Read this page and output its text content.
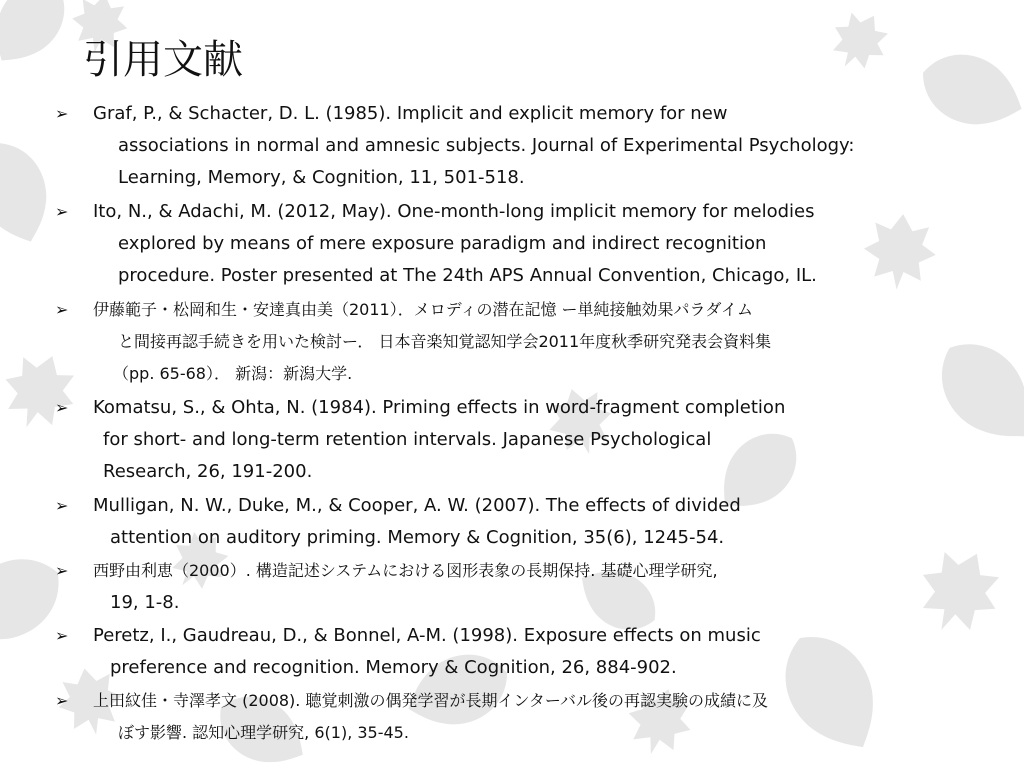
引用文献
➢ Graf, P., & Schacter, D. L. (1985). Implicit and explicit memory for new
associations in normal and amnesic subjects. Journal of Experimental Psychology:
Learning, Memory, & Cognition, 11, 501-518.
➢ Ito, N., & Adachi, M. (2012, May). One-month-long implicit memory for melodies
explored by means of mere exposure paradigm and indirect recognition
procedure. Poster presented at The 24th APS Annual Convention, Chicago, IL.
➢ 伊藤範子・松岡和生・安達真由美（2011）．メロディの潜在記憶 ー単純接触効果パラダイム
と間接再認手続きを用いた検討ー． 日本音楽知覚認知学会2011年度秋季研究発表会資料集
（pp. 65-68）． 新潟：新潟大学.
➢ Komatsu, S., & Ohta, N. (1984). Priming effects in word-fragment completion
for short- and long-term retention intervals. Japanese Psychological
Research, 26, 191-200.
➢ Mulligan, N. W., Duke, M., & Cooper, A. W. (2007). The effects of divided
attention on auditory priming. Memory & Cognition, 35(6), 1245-54.
➢ 西野由利恵（2000）. 構造記述システムにおける図形表象の長期保持. 基礎心理学研究,
19, 1-8.
➢ Peretz, I., Gaudreau, D., & Bonnel, A-M. (1998). Exposure effects on music
preference and recognition. Memory & Cognition, 26, 884-902.
➢ 上田紋佳・寺澤孝文 (2008). 聴覚刺激の偶発学習が長期インターバル後の再認実験の成績に及
ぼす影響. 認知心理学研究, 6(1), 35-45.
